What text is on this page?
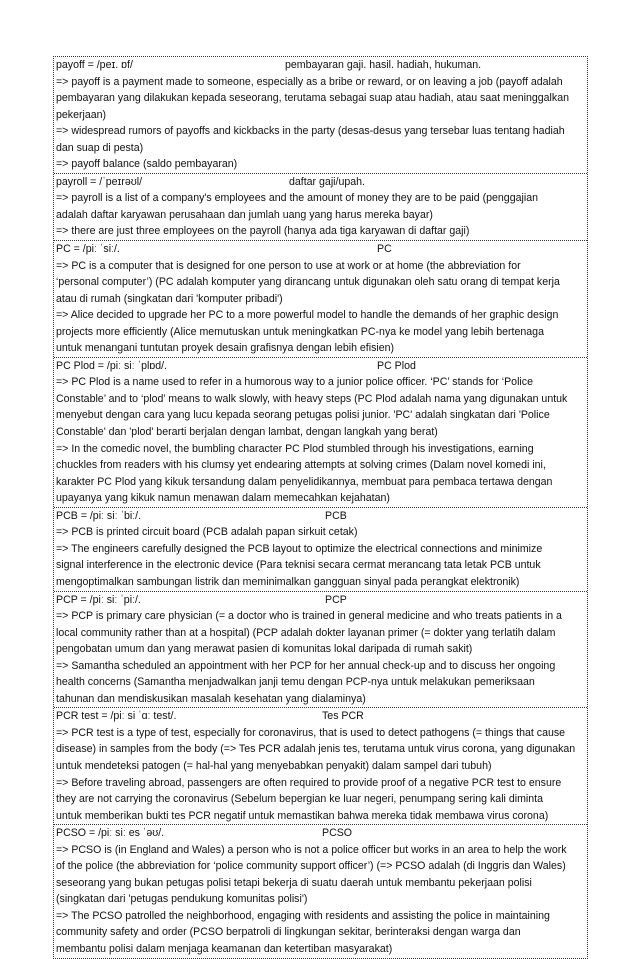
payoff = /peɪ. ɒf/	pembayaran gaji. hasil. hadiah, hukuman.
=> payoff is a payment made to someone, especially as a bribe or reward, or on leaving a job (payoff adalah
pembayaran yang dilakukan kepada seseorang, terutama sebagai suap atau hadiah, atau saat meninggalkan
pekerjaan)
=> widespread rumors of payoffs and kickbacks in the party (desas-desus yang tersebar luas tentang hadiah
dan suap di pesta)
=> payoff balance (saldo pembayaran)
payroll = /ˈpeɪrəʊl/	daftar gaji/upah.
=> payroll is a list of a company's employees and the amount of money they are to be paid (penggajian
adalah daftar karyawan perusahaan dan jumlah uang yang harus mereka bayar)
=> there are just three employees on the payroll (hanya ada tiga karyawan di daftar gaji)
PC = /piː ˈsiː/.	PC
=> PC is a computer that is designed for one person to use at work or at home (the abbreviation for
‘personal computer’) (PC adalah komputer yang dirancang untuk digunakan oleh satu orang di tempat kerja
atau di rumah (singkatan dari 'komputer pribadi')
=> Alice decided to upgrade her PC to a more powerful model to handle the demands of her graphic design
projects more efficiently (Alice memutuskan untuk meningkatkan PC-nya ke model yang lebih bertenaga
untuk menangani tuntutan proyek desain grafisnya dengan lebih efisien)
PC Plod = /piː siː ˈplɒd/.	PC Plod
=> PC Plod is a name used to refer in a humorous way to a junior police officer. ‘PC’ stands for ‘Police
Constable’ and to ‘plod’ means to walk slowly, with heavy steps (PC Plod adalah nama yang digunakan untuk
menyebut dengan cara yang lucu kepada seorang petugas polisi junior. 'PC' adalah singkatan dari 'Police
Constable' dan 'plod' berarti berjalan dengan lambat, dengan langkah yang berat)
=> In the comedic novel, the bumbling character PC Plod stumbled through his investigations, earning
chuckles from readers with his clumsy yet endearing attempts at solving crimes (Dalam novel komedi ini,
karakter PC Plod yang kikuk tersandung dalam penyelidikannya, membuat para pembaca tertawa dengan
upayanya yang kikuk namun menawan dalam memecahkan kejahatan)
PCB = /piː siː ˈbiː/.	PCB
=> PCB is printed circuit board (PCB adalah papan sirkuit cetak)
=> The engineers carefully designed the PCB layout to optimize the electrical connections and minimize
signal interference in the electronic device (Para teknisi secara cermat merancang tata letak PCB untuk
mengoptimalkan sambungan listrik dan meminimalkan gangguan sinyal pada perangkat elektronik)
PCP = /piː siː ˈpiː/.	PCP
=> PCP is primary care physician (= a doctor who is trained in general medicine and who treats patients in a
local community rather than at a hospital) (PCP adalah dokter layanan primer (= dokter yang terlatih dalam
pengobatan umum dan yang merawat pasien di komunitas lokal daripada di rumah sakit)
=> Samantha scheduled an appointment with her PCP for her annual check-up and to discuss her ongoing
health concerns (Samantha menjadwalkan janji temu dengan PCP-nya untuk melakukan pemeriksaan
tahunan dan mendiskusikan masalah kesehatan yang dialaminya)
PCR test = /piː si ˈɑː test/.	Tes PCR
=> PCR test is a type of test, especially for coronavirus, that is used to detect pathogens (= things that cause
disease) in samples from the body (=> Tes PCR adalah jenis tes, terutama untuk virus corona, yang digunakan
untuk mendeteksi patogen (= hal-hal yang menyebabkan penyakit) dalam sampel dari tubuh)
=> Before traveling abroad, passengers are often required to provide proof of a negative PCR test to ensure
they are not carrying the coronavirus (Sebelum bepergian ke luar negeri, penumpang sering kali diminta
untuk memberikan bukti tes PCR negatif untuk memastikan bahwa mereka tidak membawa virus corona)
PCSO = /piː siː es ˈəʊ/.	PCSO
=> PCSO is (in England and Wales) a person who is not a police officer but works in an area to help the work
of the police (the abbreviation for ‘police community support officer’) (=> PCSO adalah (di Inggris dan Wales)
seseorang yang bukan petugas polisi tetapi bekerja di suatu daerah untuk membantu pekerjaan polisi
(singkatan dari 'petugas pendukung komunitas polisi')
=> The PCSO patrolled the neighborhood, engaging with residents and assisting the police in maintaining
community safety and order (PCSO berpatroli di lingkungan sekitar, berinteraksi dengan warga dan
membantu polisi dalam menjaga keamanan dan ketertiban masyarakat)
